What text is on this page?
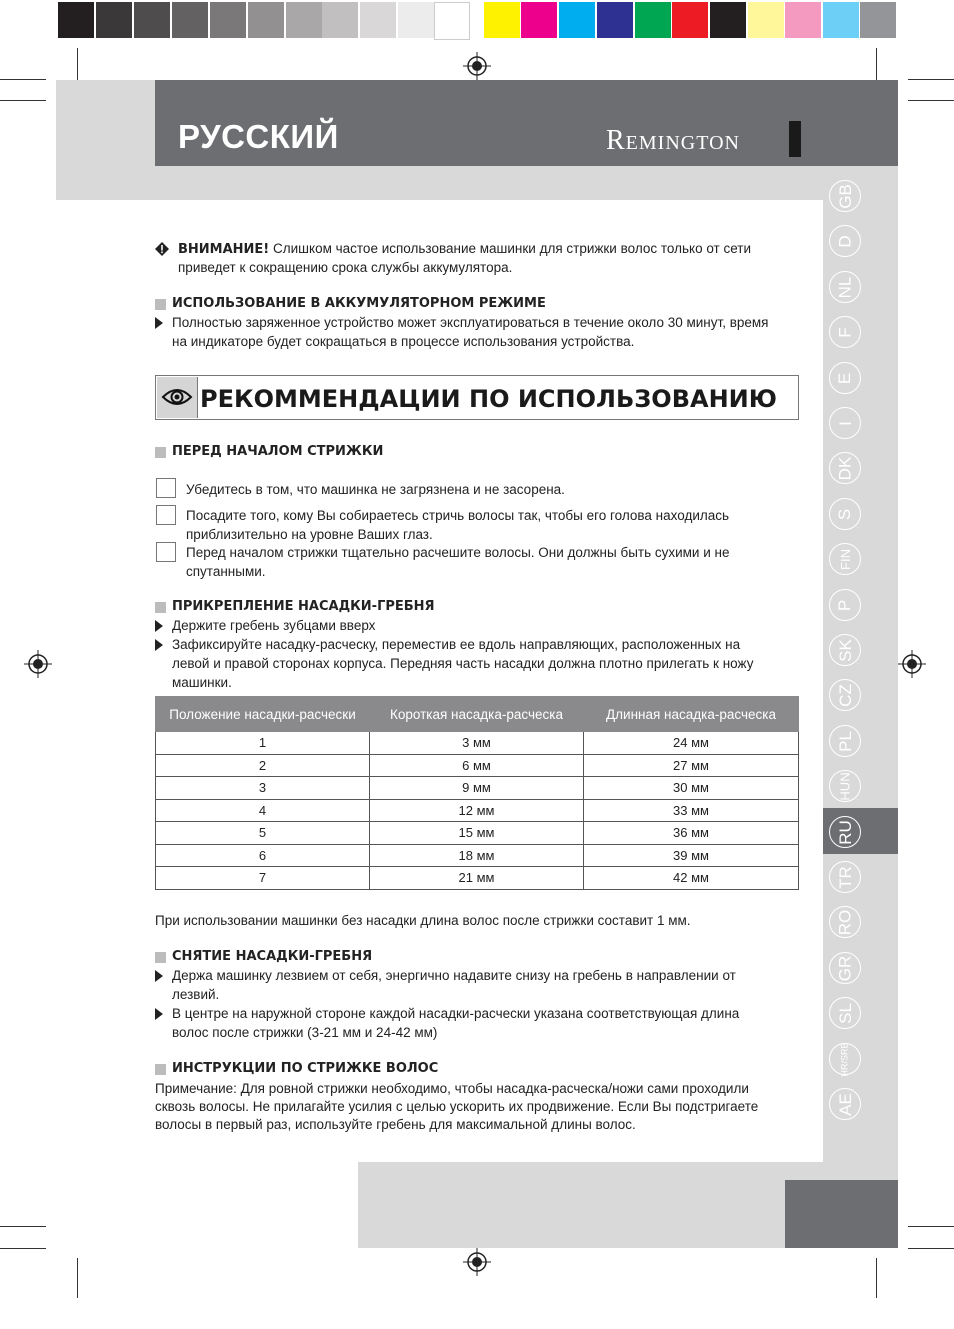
РУССКИЙ	Remington
GB
D
NL
F
E
I
DK
S
FIN
P
SK
CZ
PL
HUN
RU
TR
RO
GR
SL
HR/SRB
AE
ВНИМАНИЕ! Слишком частое использование машинки для стрижки волос только от сети
приведет к сокращению срока службы аккумулятора.
ИСПОЛЬЗОВАНИЕ В АККУМУЛЯТОРНОМ РЕЖИМЕ
Полностью заряженное устройство может эксплуатироваться в течение около 30 минут, время
на индикаторе будет сокращаться в процессе использования устройства.
РЕКОММЕНДАЦИИ ПО ИСПОЛЬЗОВАНИЮ
ПЕРЕД НАЧАЛОМ СТРИЖКИ
Убедитесь в том, что машинка не загрязнена и не засорена.
Посадите того, кому Вы собираетесь стричь волосы так, чтобы его голова находилась
приблизительно на уровне Ваших глаз.
Перед началом стрижки тщательно расчешите волосы. Они должны быть сухими и не
спутанными.
ПРИКРЕПЛЕНИЕ НАСАДКИ-ГРЕБНЯ
Держите гребень зубцами вверх
Зафиксируйте насадку-расческу, переместив ее вдоль направляющих, расположенных на
левой и правой сторонах корпуса. Передняя часть насадки должна плотно прилегать к ножу
машинки.
Положение насадки-расчески	Короткая насадка-расческа	Длинная насадка-расческа
1	3 мм	24 мм
2	6 мм	27 мм
3	9 мм	30 мм
4	12 мм	33 мм
5	15 мм	36 мм
6	18 мм	39 мм
7	21 мм	42 мм
При использовании машинки без насадки длина волос после стрижки составит 1 мм.
СНЯТИЕ НАСАДКИ-ГРЕБНЯ
Держа машинку лезвием от себя, энергично надавите снизу на гребень в направлении от
лезвий.
В центре на наружной стороне каждой насадки-расчески указана соответствующая длина
волос после стрижки (3-21 мм и 24-42 мм)
ИНСТРУКЦИИ ПО СТРИЖКЕ ВОЛОС
Примечание: Для ровной стрижки необходимо, чтобы насадка-расческа/ножи сами проходили
сквозь волосы. Не прилагайте усилия с целью ускорить их продвижение. Если Вы подстригаете
волосы в первый раз, используйте гребень для максимальной длины волос.
